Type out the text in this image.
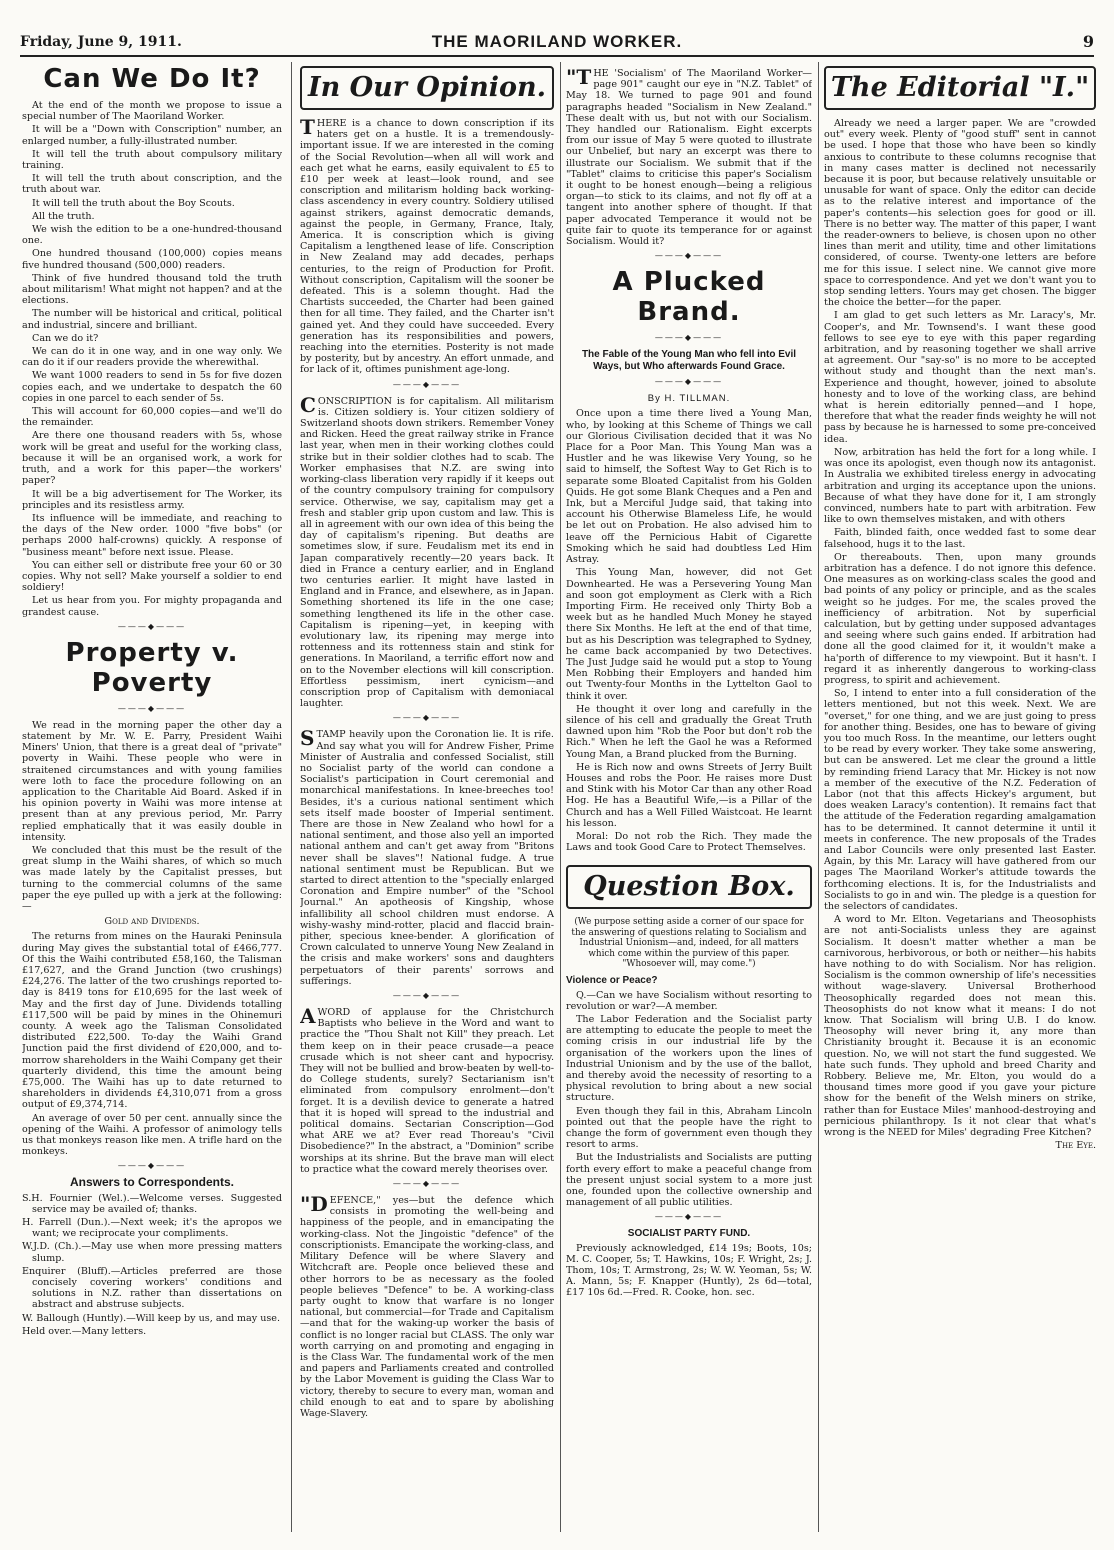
Friday, June 9, 1911.	THE MAORILAND WORKER.	9
Can We Do It?

At the end of the month we propose to issue a special number of The Maoriland Worker.

It will be a "Down with Conscription" number, an enlarged number, a fully-illustrated number.

It will tell the truth about compulsory military training.

It will tell the truth about conscription, and the truth about war.

It will tell the truth about the Boy Scouts.

All the truth.

We wish the edition to be a one-hundred-thousand one.

One hundred thousand (100,000) copies means five hundred thousand (500,000) readers.

Think of five hundred thousand told the truth about militarism! What might not happen? and at the elections.

The number will be historical and critical, political and industrial, sincere and brilliant.

Can we do it?

We can do it in one way, and in one way only. We can do it if our readers provide the wherewithal.

We want 1000 readers to send in 5s for five dozen copies each, and we undertake to despatch the 60 copies in one parcel to each sender of 5s.

This will account for 60,000 copies—and we'll do the remainder.

Are there one thousand readers with 5s, whose work will be great and useful for the working class, because it will be an organised work, a work for truth, and a work for this paper—the workers' paper?

It will be a big advertisement for The Worker, its principles and its resistless army.

Its influence will be immediate, and reaching to the days of the New order. 1000 "five bobs" (or perhaps 2000 half-crowns) quickly. A response of "business meant" before next issue. Please.

You can either sell or distribute free your 60 or 30 copies. Why not sell? Make yourself a soldier to end soldiery!

Let us hear from you. For mighty propaganda and grandest cause.

———◆———
Property v. Poverty
———◆———

We read in the morning paper the other day a statement by Mr. W. E. Parry, President Waihi Miners' Union, that there is a great deal of "private" poverty in Waihi. These people who were in straitened circumstances and with young families were loth to face the procedure following on an application to the Charitable Aid Board. Asked if in his opinion poverty in Waihi was more intense at present than at any previous period, Mr. Parry replied emphatically that it was easily double in intensity.

We concluded that this must be the result of the great slump in the Waihi shares, of which so much was made lately by the Capitalist presses, but turning to the commercial columns of the same paper the eye pulled up with a jerk at the following:—

Gold and Dividends.

The returns from mines on the Hauraki Peninsula during May gives the substantial total of £466,777. Of this the Waihi contributed £58,160, the Talisman £17,627, and the Grand Junction (two crushings) £24,276. The latter of the two crushings reported to-day is 8419 tons for £10,695 for the last week of May and the first day of June. Dividends totalling £117,500 will be paid by mines in the Ohinemuri county. A week ago the Talisman Consolidated distributed £22,500. To-day the Waihi Grand Junction paid the first dividend of £20,000, and to-morrow shareholders in the Waihi Company get their quarterly dividend, this time the amount being £75,000. The Waihi has up to date returned to shareholders in dividends £4,310,071 from a gross output of £9,374,714.

An average of over 50 per cent. annually since the opening of the Waihi. A professor of animology tells us that monkeys reason like men. A trifle hard on the monkeys.

———◆———
Answers to Correspondents.

S.H. Fournier (Wel.).—Welcome verses. Suggested service may be availed of; thanks.

H. Farrell (Dun.).—Next week; it's the apropos we want; we reciprocate your compliments.

W.J.D. (Ch.).—May use when more pressing matters slump.

Enquirer (Bluff).—Articles preferred are those concisely covering workers' conditions and solutions in N.Z. rather than dissertations on abstract and abstruse subjects.

W. Ballough (Huntly).—Will keep by us, and may use.

Held over.—Many letters.

In Our Opinion.
THERE is a chance to down conscription if its haters get on a hustle. It is a tremendously-important issue. If we are interested in the coming of the Social Revolution—when all will work and each get what he earns, easily equivalent to £5 to £10 per week at least—look round, and see conscription and militarism holding back working-class ascendency in every country. Soldiery utilised against strikers, against democratic demands, against the people, in Germany, France, Italy, America. It is conscription which is giving Capitalism a lengthened lease of life. Conscription in New Zealand may add decades, perhaps centuries, to the reign of Production for Profit. Without conscription, Capitalism will the sooner be defeated. This is a solemn thought. Had the Chartists succeeded, the Charter had been gained then for all time. They failed, and the Charter isn't gained yet. And they could have succeeded. Every generation has its responsibilities and powers, reaching into the eternities. Posterity is not made by posterity, but by ancestry. An effort unmade, and for lack of it, oftimes punishment age-long.
———◆———
CONSCRIPTION is for capitalism. All militarism is. Citizen soldiery is. Your citizen soldiery of Switzerland shoots down strikers. Remember Voney and Ricken. Heed the great railway strike in France last year, when men in their working clothes could strike but in their soldier clothes had to scab. The Worker emphasises that N.Z. are swing into working-class liberation very rapidly if it keeps out of the country compulsory training for compulsory service. Otherwise, we say, capitalism may get a fresh and stabler grip upon custom and law. This is all in agreement with our own idea of this being the day of capitalism's ripening. But deaths are sometimes slow, if sure. Feudalism met its end in Japan comparatively recently—20 years back. It died in France a century earlier, and in England two centuries earlier. It might have lasted in England and in France, and elsewhere, as in Japan. Something shortened its life in the one case; something lengthened its life in the other case. Capitalism is ripening—yet, in keeping with evolutionary law, its ripening may merge into rottenness and its rottenness stain and stink for generations. In Maoriland, a terrific effort now and on to the November elections will kill conscription. Effortless pessimism, inert cynicism—and conscription prop of Capitalism with demoniacal laughter.
———◆———
STAMP heavily upon the Coronation lie. It is rife. And say what you will for Andrew Fisher, Prime Minister of Australia and confessed Socialist, still no Socialist party of the world can condone a Socialist's participation in Court ceremonial and monarchical manifestations. In knee-breeches too! Besides, it's a curious national sentiment which sets itself made booster of Imperial sentiment. There are those in New Zealand who howl for a national sentiment, and those also yell an imported national anthem and can't get away from "Britons never shall be slaves"! National fudge. A true national sentiment must be Republican. But we started to direct attention to the "specially enlarged Coronation and Empire number" of the "School Journal." An apotheosis of Kingship, whose infallibility all school children must endorse. A wishy-washy mind-rotter, placid and flaccid brain-pither, specious knee-bender. A glorification of Crown calculated to unnerve Young New Zealand in the crisis and make workers' sons and daughters perpetuators of their parents' sorrows and sufferings.
———◆———
A WORD of applause for the Christchurch Baptists who believe in the Word and want to practice the "Thou Shalt not Kill" they preach. Let them keep on in their peace crusade—a peace crusade which is not sheer cant and hypocrisy. They will not be bullied and brow-beaten by well-to-do College students, surely? Sectarianism isn't eliminated from compulsory enrolment—don't forget. It is a devilish device to generate a hatred that it is hoped will spread to the industrial and political domains. Sectarian Conscription—God what ARE we at? Ever read Thoreau's "Civil Disobedience?" In the abstract, a "Dominion" scribe worships at its shrine. But the brave man will elect to practice what the coward merely theorises over.
———◆———
"DEFENCE," yes—but the defence which consists in promoting the well-being and happiness of the people, and in emancipating the working-class. Not the Jingoistic "defence" of the conscriptionists. Emancipate the working-class, and Military Defence will be where Slavery and Witchcraft are. People once believed these and other horrors to be as necessary as the fooled people believes "Defence" to be. A working-class party ought to know that warfare is no longer national, but commercial—for Trade and Capitalism—and that for the waking-up worker the basis of conflict is no longer racial but CLASS. The only war worth carrying on and promoting and engaging in is the Class War. The fundamental work of the men and papers and Parliaments created and controlled by the Labor Movement is guiding the Class War to victory, thereby to secure to every man, woman and child enough to eat and to spare by abolishing Wage-Slavery.
"THE 'Socialism' of The Maoriland Worker—page 901" caught our eye in "N.Z. Tablet" of May 18. We turned to page 901 and found paragraphs headed "Socialism in New Zealand." These dealt with us, but not with our Socialism. They handled our Rationalism. Eight excerpts from our issue of May 5 were quoted to illustrate our Unbelief, but nary an excerpt was there to illustrate our Socialism. We submit that if the "Tablet" claims to criticise this paper's Socialism it ought to be honest enough—being a religious organ—to stick to its claims, and not fly off at a tangent into another sphere of thought. If that paper advocated Temperance it would not be quite fair to quote its temperance for or against Socialism. Would it?
———◆———
A Plucked Brand.
———◆———
The Fable of the Young Man who fell into Evil Ways, but Who afterwards Found Grace.
———◆———
By H. TILLMAN.

Once upon a time there lived a Young Man, who, by looking at this Scheme of Things we call our Glorious Civilisation decided that it was No Place for a Poor Man. This Young Man was a Hustler and he was likewise Very Young, so he said to himself, the Softest Way to Get Rich is to separate some Bloated Capitalist from his Golden Quids. He got some Blank Cheques and a Pen and Ink, but a Merciful Judge said, that taking into account his Otherwise Blameless Life, he would be let out on Probation. He also advised him to leave off the Pernicious Habit of Cigarette Smoking which he said had doubtless Led Him Astray.

This Young Man, however, did not Get Downhearted. He was a Persevering Young Man and soon got employment as Clerk with a Rich Importing Firm. He received only Thirty Bob a week but as he handled Much Money he stayed there Six Months. He left at the end of that time, but as his Description was telegraphed to Sydney, he came back accompanied by two Detectives. The Just Judge said he would put a stop to Young Men Robbing their Employers and handed him out Twenty-four Months in the Lyttelton Gaol to think it over.

He thought it over long and carefully in the silence of his cell and gradually the Great Truth dawned upon him "Rob the Poor but don't rob the Rich." When he left the Gaol he was a Reformed Young Man, a Brand plucked from the Burning.

He is Rich now and owns Streets of Jerry Built Houses and robs the Poor. He raises more Dust and Stink with his Motor Car than any other Road Hog. He has a Beautiful Wife,—is a Pillar of the Church and has a Well Filled Waistcoat. He learnt his lesson.

Moral: Do not rob the Rich. They made the Laws and took Good Care to Protect Themselves.

Question Box.
(We purpose setting aside a corner of our space for the answering of questions relating to Socialism and Industrial Unionism—and, indeed, for all matters which come within the purview of this paper. "Whosoever will, may come.")
Violence or Peace?

Q.—Can we have Socialism without resorting to revolution or war?—A member.

The Labor Federation and the Socialist party are attempting to educate the people to meet the coming crisis in our industrial life by the organisation of the workers upon the lines of Industrial Unionism and by the use of the ballot, and thereby avoid the necessity of resorting to a physical revolution to bring about a new social structure.

Even though they fail in this, Abraham Lincoln pointed out that the people have the right to change the form of government even though they resort to arms.

But the Industrialists and Socialists are putting forth every effort to make a peaceful change from the present unjust social system to a more just one, founded upon the collective ownership and management of all public utilities.

———◆———
SOCIALIST PARTY FUND.

Previously acknowledged, £14 19s; Boots, 10s; M. C. Cooper, 5s; T. Hawkins, 10s; F. Wright, 2s; J. Thom, 10s; T. Armstrong, 2s; W. W. Yeoman, 5s; W. A. Mann, 5s; F. Knapper (Huntly), 2s 6d—total, £17 10s 6d.—Fred. R. Cooke, hon. sec.

The Editorial "I."

Already we need a larger paper. We are "crowded out" every week. Plenty of "good stuff" sent in cannot be used. I hope that those who have been so kindly anxious to contribute to these columns recognise that in many cases matter is declined not necessarily because it is poor, but because relatively unsuitable or unusable for want of space. Only the editor can decide as to the relative interest and importance of the paper's contents—his selection goes for good or ill. There is no better way. The matter of this paper, I want the reader-owners to believe, is chosen upon no other lines than merit and utility, time and other limitations considered, of course. Twenty-one letters are before me for this issue. I select nine. We cannot give more space to correspondence. And yet we don't want you to stop sending letters. Yours may get chosen. The bigger the choice the better—for the paper.

I am glad to get such letters as Mr. Laracy's, Mr. Cooper's, and Mr. Townsend's. I want these good fellows to see eye to eye with this paper regarding arbitration, and by reasoning together we shall arrive at agreement. Our "say-so" is no more to be accepted without study and thought than the next man's. Experience and thought, however, joined to absolute honesty and to love of the working class, are behind what is herein editorially penned—and I hope, therefore that what the reader finds weighty he will not pass by because he is harnessed to some pre-conceived idea.

Now, arbitration has held the fort for a long while. I was once its apologist, even though now its antagonist. In Australia we exhibited tireless energy in advocating arbitration and urging its acceptance upon the unions. Because of what they have done for it, I am strongly convinced, numbers hate to part with arbitration. Few like to own themselves mistaken, and with others

Faith, blinded faith, once wedded fast to some dear falsehood, hugs it to the last.

Or thereabouts. Then, upon many grounds arbitration has a defence. I do not ignore this defence. One measures as on working-class scales the good and bad points of any policy or principle, and as the scales weight so he judges. For me, the scales proved the inefficiency of arbitration. Not by superficial calculation, but by getting under supposed advantages and seeing where such gains ended. If arbitration had done all the good claimed for it, it wouldn't make a ha'porth of difference to my viewpoint. But it hasn't. I regard it as inherently dangerous to working-class progress, to spirit and achievement.

So, I intend to enter into a full consideration of the letters mentioned, but not this week. Next. We are "overset," for one thing, and we are just going to press for another thing. Besides, one has to beware of giving you too much Ross. In the meantime, our letters ought to be read by every worker. They take some answering, but can be answered. Let me clear the ground a little by reminding friend Laracy that Mr. Hickey is not now a member of the executive of the N.Z. Federation of Labor (not that this affects Hickey's argument, but does weaken Laracy's contention). It remains fact that the attitude of the Federation regarding amalgamation has to be determined. It cannot determine it until it meets in conference. The new proposals of the Trades and Labor Councils were only presented last Easter. Again, by this Mr. Laracy will have gathered from our pages The Maoriland Worker's attitude towards the forthcoming elections. It is, for the Industrialists and Socialists to go in and win. The pledge is a question for the selectors of candidates.

A word to Mr. Elton. Vegetarians and Theosophists are not anti-Socialists unless they are against Socialism. It doesn't matter whether a man be carnivorous, herbivorous, or both or neither—his habits have nothing to do with Socialism. Nor has religion. Socialism is the common ownership of life's necessities without wage-slavery. Universal Brotherhood Theosophically regarded does not mean this. Theosophists do not know what it means: I do not know. That Socialism will bring U.B. I do know. Theosophy will never bring it, any more than Christianity brought it. Because it is an economic question. No, we will not start the fund suggested. We hate such funds. They uphold and breed Charity and Robbery. Believe me, Mr. Elton, you would do a thousand times more good if you gave your picture show for the benefit of the Welsh miners on strike, rather than for Eustace Miles' manhood-destroying and pernicious philanthropy. Is it not clear that what's wrong is the NEED for Miles' degrading Free Kitchen?

The Eye.
